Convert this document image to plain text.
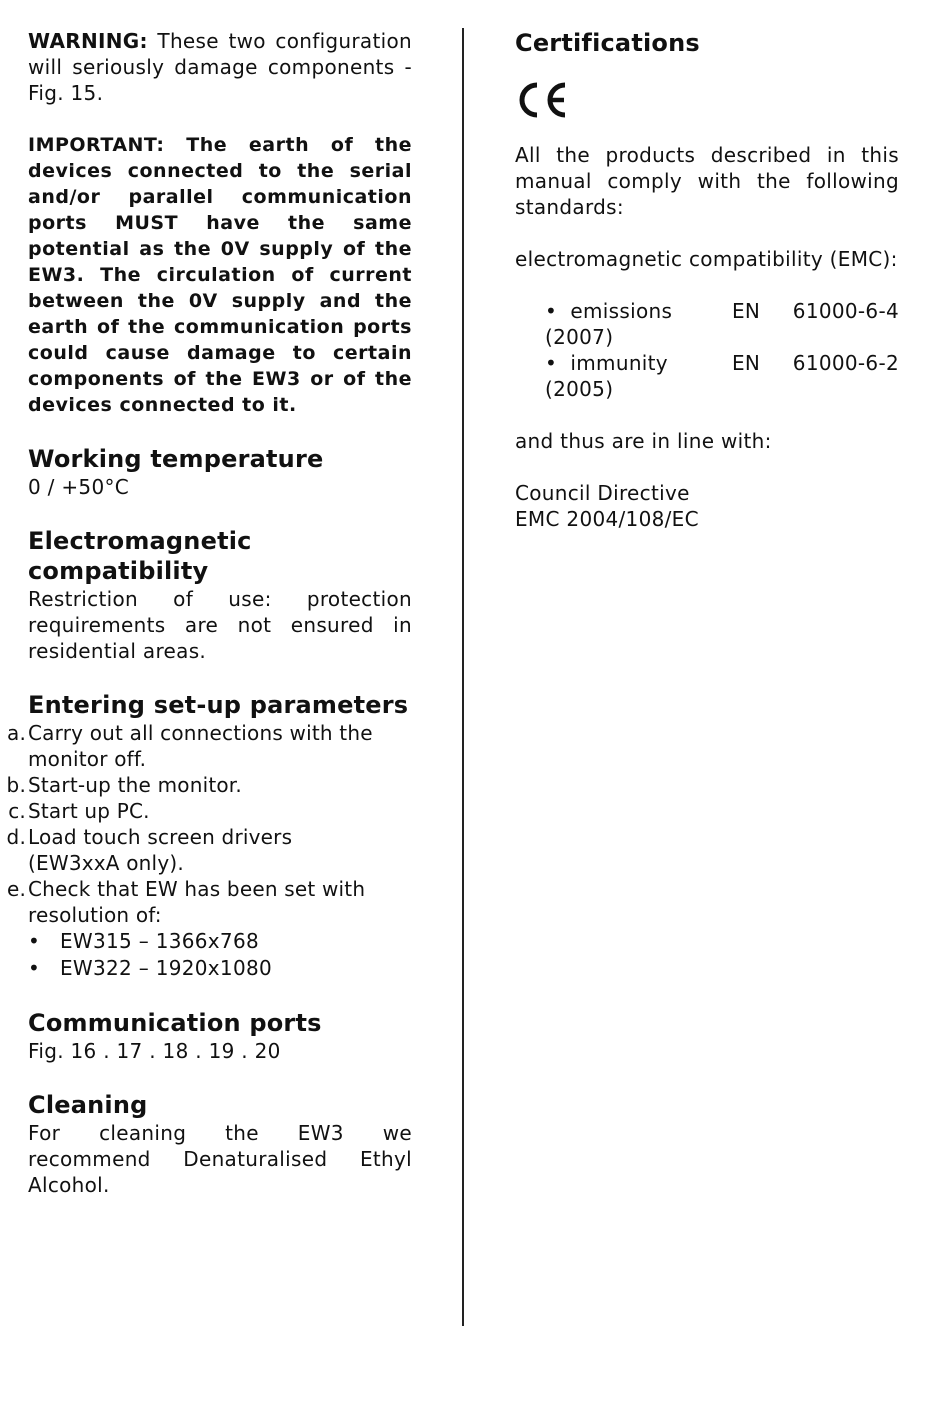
WARNING: These two configuration will seriously damage components - Fig. 15.

IMPORTANT: The earth of the devices connected to the serial and/or parallel communication ports MUST have the same potential as the 0V supply of the EW3. The circulation of current between the 0V supply and the earth of the communication ports could cause damage to certain components of the EW3 or of the devices connected to it.

Working temperature

0 / +50°C

Electromagnetic compatibility

Restriction of use: protection requirements are not ensured in residential areas.

Entering set-up parameters
a. Carry out all connections with the monitor off.
b. Start-up the monitor.
c. Start up PC.
d. Load touch screen drivers (EW3xxA only).
e. Check that EW has been set with resolution of:
• EW315 – 1366x768
• EW322 – 1920x1080
Communication ports

Fig. 16 . 17 . 18 . 19 . 20

Cleaning

For cleaning the EW3 we recommend Denaturalised Ethyl Alcohol.

Certifications

All the products described in this manual comply with the following standards:

electromagnetic compatibility (EMC):

•  emissions	EN 61000-6-4
(2007)
•  immunity	EN 61000-6-2
(2005)

and thus are in line with:

Council Directive

EMC 2004/108/EC
